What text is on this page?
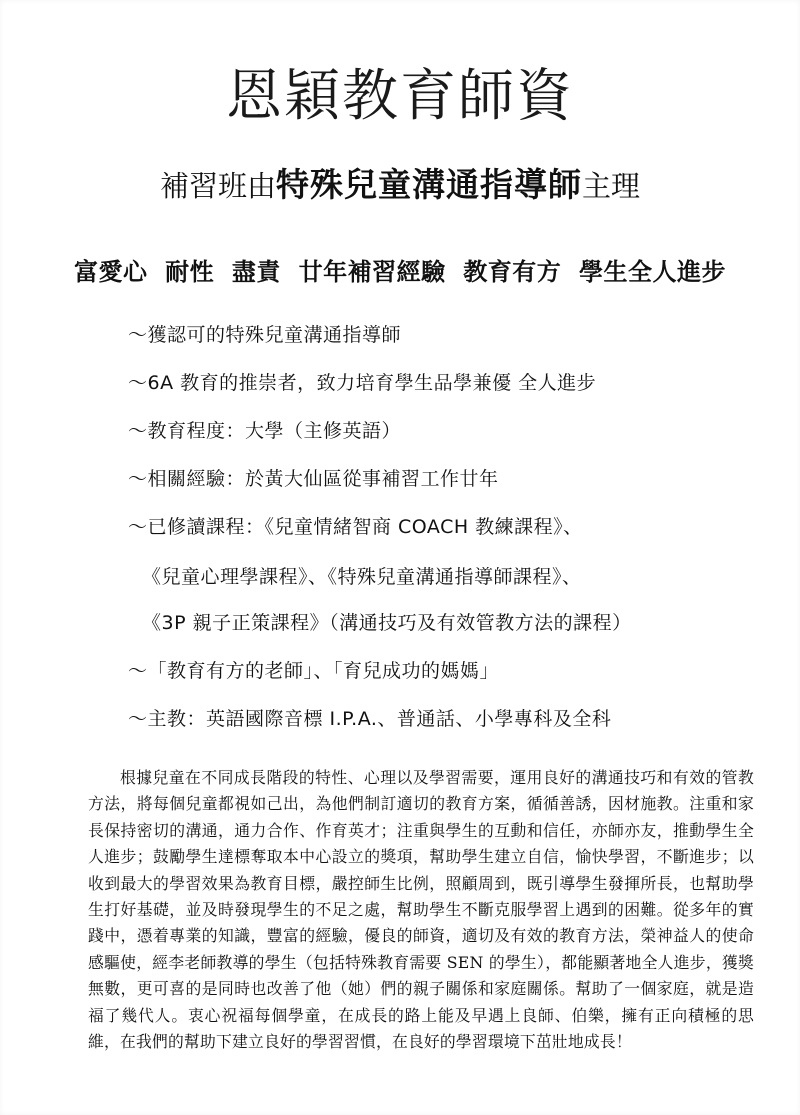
恩穎教育師資
補習班由特殊兒童溝通指導師主理
富愛心  耐性  盡責  廿年補習經驗  教育有方  學生全人進步
～獲認可的特殊兒童溝通指導師
～6A 教育的推崇者，致力培育學生品學兼優 全人進步
～教育程度：大學（主修英語）
～相關經驗：於黃大仙區從事補習工作廿年
～已修讀課程：《兒童情緒智商 COACH 教練課程》、
《兒童心理學課程》、《特殊兒童溝通指導師課程》、
《3P 親子正策課程》（溝通技巧及有效管教方法的課程）
～「教育有方的老師」、「育兒成功的媽媽」
～主教：英語國際音標 I.P.A.、普通話、小學專科及全科
根據兒童在不同成長階段的特性、心理以及學習需要，運用良好的溝通技巧和有效的管教方法，將每個兒童都視如己出，為他們制訂適切的教育方案，循循善誘，因材施教。注重和家長保持密切的溝通，通力合作、作育英才；注重與學生的互動和信任，亦師亦友，推動學生全人進步；鼓勵學生達標奪取本中心設立的獎項，幫助學生建立自信，愉快學習，不斷進步；以收到最大的學習效果為教育目標，嚴控師生比例，照顧周到，既引導學生發揮所長，也幫助學生打好基礎，並及時發現學生的不足之處，幫助學生不斷克服學習上遇到的困難。從多年的實踐中，憑着專業的知識，豐富的經驗，優良的師資，適切及有效的教育方法，榮神益人的使命感驅使，經李老師教導的學生（包括特殊教育需要 SEN 的學生），都能顯著地全人進步，獲獎無數，更可喜的是同時也改善了他（她）們的親子關係和家庭關係。幫助了一個家庭，就是造福了幾代人。衷心祝福每個學童，在成長的路上能及早遇上良師、伯樂，擁有正向積極的思維，在我們的幫助下建立良好的學習習慣，在良好的學習環境下茁壯地成長！
